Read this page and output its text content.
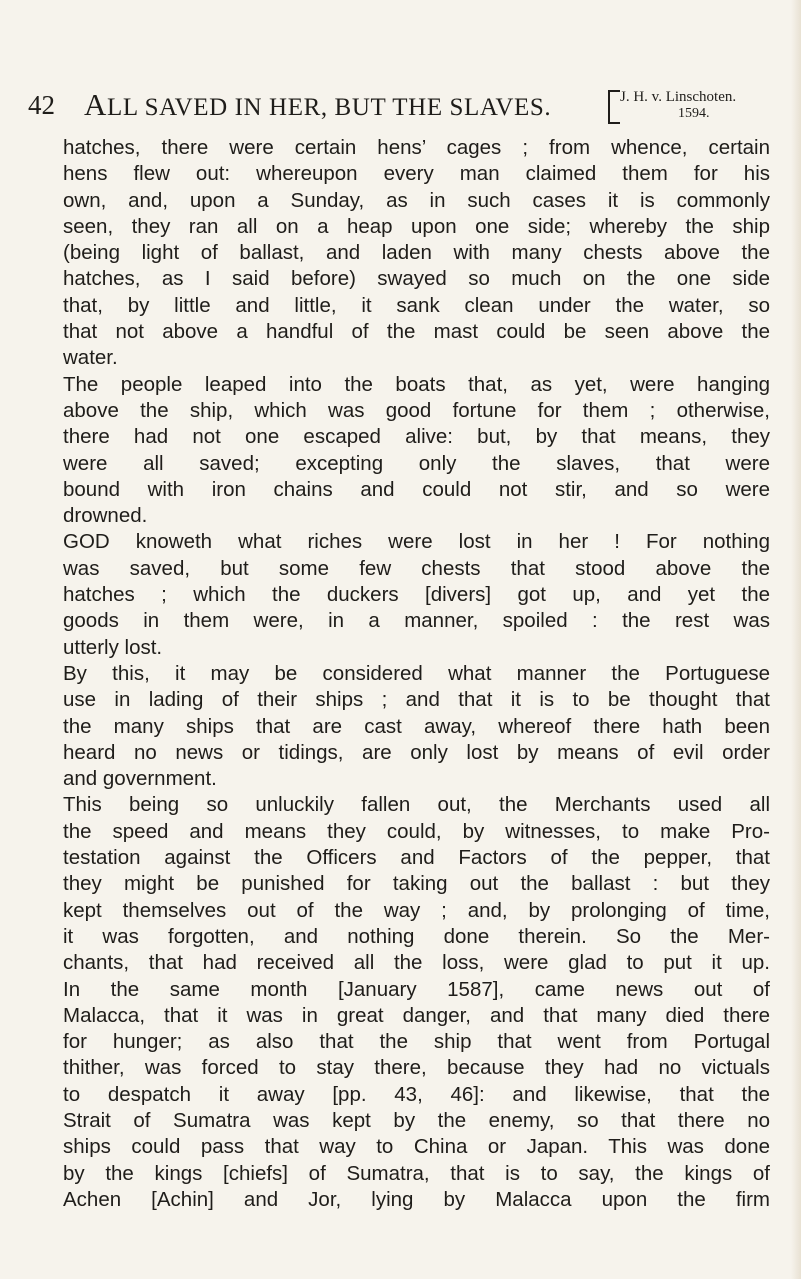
42 ALL SAVED IN HER, BUT THE SLAVES.	J. H. v. Linschoten.
1594.
hatches, there were certain hens’ cages ; from whence, certain
hens flew out: whereupon every man claimed them for his
own, and, upon a Sunday, as in such cases it is commonly
seen, they ran all on a heap upon one side; whereby the ship
(being light of ballast, and laden with many chests above the
hatches, as I said before) swayed so much on the one side
that, by little and little, it sank clean under the water, so
that not above a handful of the mast could be seen above the
water.
The people leaped into the boats that, as yet, were hanging
above the ship, which was good fortune for them ; otherwise,
there had not one escaped alive: but, by that means, they
were all saved; excepting only the slaves, that were
bound with iron chains and could not stir, and so were
drowned.
GOD knoweth what riches were lost in her ! For nothing
was saved, but some few chests that stood above the
hatches ; which the duckers [divers] got up, and yet the
goods in them were, in a manner, spoiled : the rest was
utterly lost.
By this, it may be considered what manner the Portuguese
use in lading of their ships ; and that it is to be thought that
the many ships that are cast away, whereof there hath been
heard no news or tidings, are only lost by means of evil order
and government.
This being so unluckily fallen out, the Merchants used all
the speed and means they could, by witnesses, to make Pro-
testation against the Officers and Factors of the pepper, that
they might be punished for taking out the ballast : but they
kept themselves out of the way ; and, by prolonging of time,
it was forgotten, and nothing done therein. So the Mer-
chants, that had received all the loss, were glad to put it up.
In the same month [January 1587], came news out of
Malacca, that it was in great danger, and that many died there
for hunger; as also that the ship that went from Portugal
thither, was forced to stay there, because they had no victuals
to despatch it away [pp. 43, 46]: and likewise, that the
Strait of Sumatra was kept by the enemy, so that there no
ships could pass that way to China or Japan. This was done
by the kings [chiefs] of Sumatra, that is to say, the kings of
Achen [Achin] and Jor, lying by Malacca upon the firm
